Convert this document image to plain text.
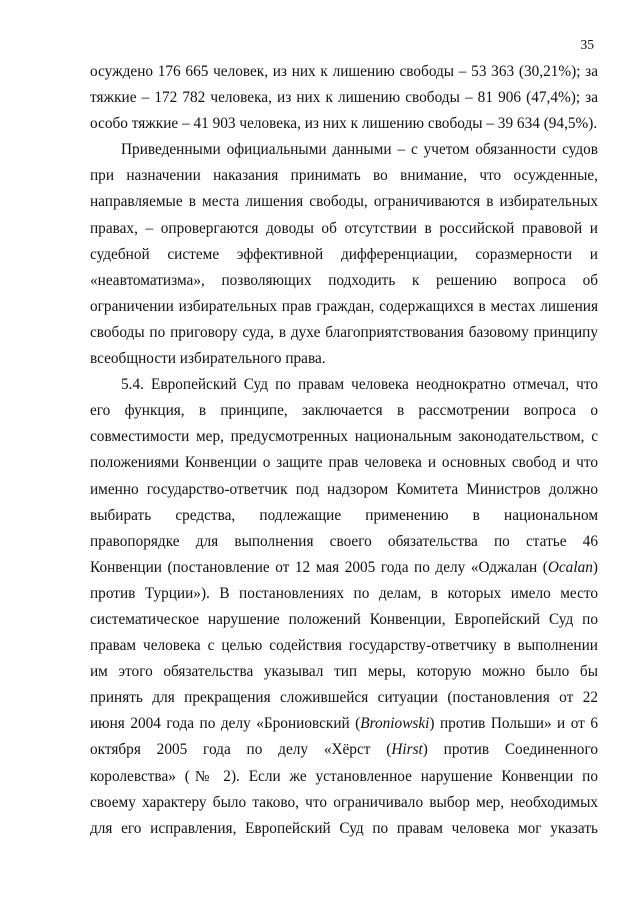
35

осуждено 176 665 человек, из них к лишению свободы – 53 363 (30,21%); за

тяжкие – 172 782 человека, из них к лишению свободы – 81 906 (47,4%); за

особо тяжкие – 41 903 человека, из них к лишению свободы – 39 634 (94,5%).

Приведенными официальными данными – с учетом обязанности судов

при назначении наказания принимать во внимание, что осужденные,

направляемые в места лишения свободы, ограничиваются в избирательных

правах, – опровергаются доводы об отсутствии в российской правовой и

судебной системе эффективной дифференциации, соразмерности и

«неавтоматизма», позволяющих подходить к решению вопроса об

ограничении избирательных прав граждан, содержащихся в местах лишения

свободы по приговору суда, в духе благоприятствования базовому принципу

всеобщности избирательного права.

5.4. Европейский Суд по правам человека неоднократно отмечал, что

его функция, в принципе, заключается в рассмотрении вопроса о

совместимости мер, предусмотренных национальным законодательством, с

положениями Конвенции о защите прав человека и основных свобод и что

именно государство-ответчик под надзором Комитета Министров должно

выбирать средства, подлежащие применению в национальном

правопорядке для выполнения своего обязательства по статье 46

Конвенции (постановление от 12 мая 2005 года по делу «Оджалан (Ocalan)

против Турции»). В постановлениях по делам, в которых имело место

систематическое нарушение положений Конвенции, Европейский Суд по

правам человека с целью содействия государству-ответчику в выполнении

им этого обязательства указывал тип меры, которую можно было бы

принять для прекращения сложившейся ситуации (постановления от 22

июня 2004 года по делу «Брониовский (Broniowski) против Польши» и от 6

октября 2005 года по делу «Хёрст (Hirst) против Соединенного

королевства» (№ 2). Если же установленное нарушение Конвенции по

своему характеру было таково, что ограничивало выбор мер, необходимых

для его исправления, Европейский Суд по правам человека мог указать
